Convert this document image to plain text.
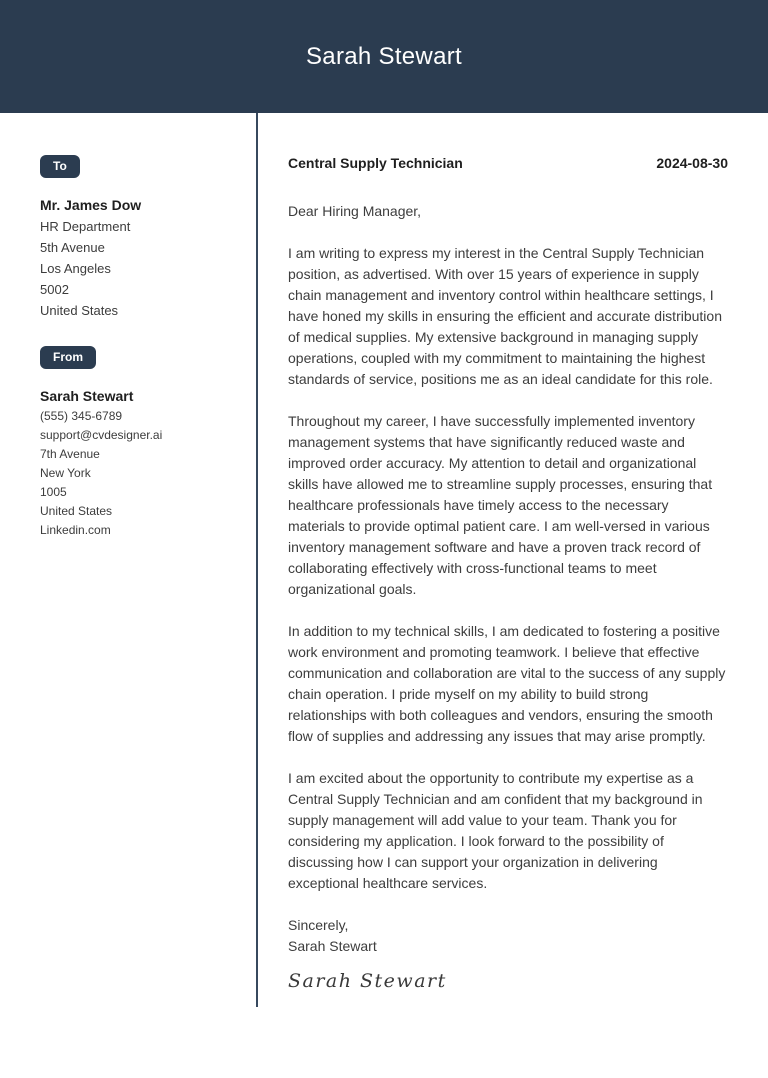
Sarah Stewart
To
Mr. James Dow
HR Department
5th Avenue
Los Angeles
5002
United States
From
Sarah Stewart
(555) 345-6789
support@cvdesigner.ai
7th Avenue
New York
1005
United States
Linkedin.com
Central Supply Technician	2024-08-30
Dear Hiring Manager,

I am writing to express my interest in the Central Supply Technician position, as advertised. With over 15 years of experience in supply chain management and inventory control within healthcare settings, I have honed my skills in ensuring the efficient and accurate distribution of medical supplies. My extensive background in managing supply operations, coupled with my commitment to maintaining the highest standards of service, positions me as an ideal candidate for this role.

Throughout my career, I have successfully implemented inventory management systems that have significantly reduced waste and improved order accuracy. My attention to detail and organizational skills have allowed me to streamline supply processes, ensuring that healthcare professionals have timely access to the necessary materials to provide optimal patient care. I am well-versed in various inventory management software and have a proven track record of collaborating effectively with cross-functional teams to meet organizational goals.

In addition to my technical skills, I am dedicated to fostering a positive work environment and promoting teamwork. I believe that effective communication and collaboration are vital to the success of any supply chain operation. I pride myself on my ability to build strong relationships with both colleagues and vendors, ensuring the smooth flow of supplies and addressing any issues that may arise promptly.

I am excited about the opportunity to contribute my expertise as a Central Supply Technician and am confident that my background in supply management will add value to your team. Thank you for considering my application. I look forward to the possibility of discussing how I can support your organization in delivering exceptional healthcare services.

Sincerely,
Sarah Stewart
Sarah Stewart
